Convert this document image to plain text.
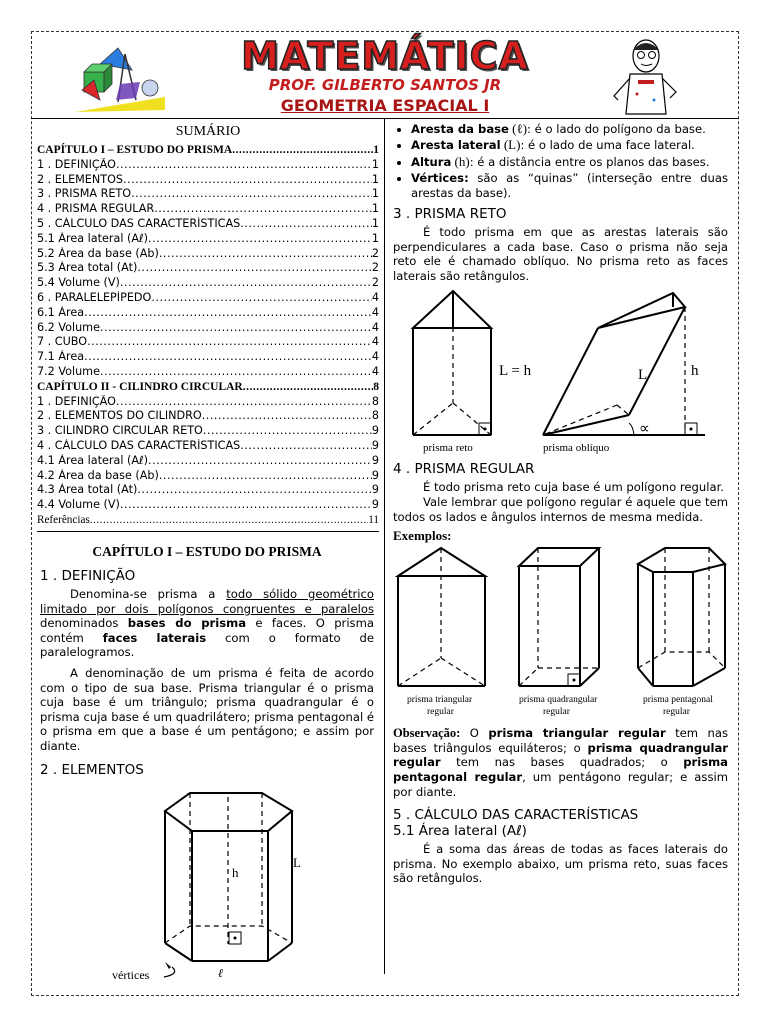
MATEMÁTICA
PROF. GILBERTO SANTOS JR
GEOMETRIA ESPACIAL I
SUMÁRIO
CAPÍTULO I – ESTUDO DO PRISMA .....	1
1 . DEFINIÇÃO .....	1
2 . ELEMENTOS .....	1
3 . PRISMA RETO .....	1
4 . PRISMA REGULAR .....	1
5 . CÁLCULO DAS CARACTERÍSTICAS .....	1
5.1 Área lateral (Aℓ) .....	1
5.2 Área da base (Ab) .....	2
5.3 Área total (At) .....	2
5.4 Volume (V) .....	2
6 . PARALELEPÍPEDO .....	4
6.1 Área .....	4
6.2 Volume .....	4
7 . CUBO .....	4
7.1 Área .....	4
7.2 Volume .....	4
CAPÍTULO II - CILINDRO CIRCULAR .....	8
1 . DEFINIÇÃO .....	8
2 . ELEMENTOS DO CILINDRO .....	8
3 . CILINDRO CIRCULAR RETO .....	9
4 . CÁLCULO DAS CARACTERÍSTICAS .....	9
4.1 Área lateral (Aℓ) .....	9
4.2 Área da base (Ab) .....	9
4.3 Área total (At) .....	9
4.4 Volume (V) .....	9
Referências .....	11
CAPÍTULO I – ESTUDO DO PRISMA
1 . DEFINIÇÃO

Denomina-se prisma a todo sólido geométrico limitado por dois polígonos congruentes e paralelos denominados bases do prisma e faces. O prisma contém faces laterais com o formato de paralelogramos.

A denominação de um prisma é feita de acordo com o tipo de sua base. Prisma triangular é o prisma cuja base é um triângulo; prisma quadrangular é o prisma cuja base é um quadrilátero; prisma pentagonal é o prisma em que a base é um pentágono; e assim por diante.

2 . ELEMENTOS
h
L
ℓ
vértices
• Aresta da base (ℓ): é o lado do polígono da base.
• Aresta lateral (L): é o lado de uma face lateral.
• Altura (h): é a distância entre os planos das bases.
• Vértices: são as “quinas” (interseção entre duas arestas da base).
3 . PRISMA RETO

É todo prisma em que as arestas laterais são perpendiculares a cada base. Caso o prisma não seja reto ele é chamado oblíquo. No prisma reto as faces laterais são retângulos.

L = h	L	h
∝
prisma reto	prisma oblíquo
4 . PRISMA REGULAR

É todo prisma reto cuja base é um polígono regular.

Vale lembrar que polígono regular é aquele que tem todos os lados e ângulos internos de mesma medida.

Exemplos:
prisma triangular
regular
prisma quadrangular
regular
prisma pentagonal
regular

Observação: O prisma triangular regular tem nas bases triângulos equiláteros; o prisma quadrangular regular tem nas bases quadrados; o prisma pentagonal regular, um pentágono regular; e assim por diante.

5 . CÁLCULO DAS CARACTERÍSTICAS
5.1 Área lateral (Aℓ)

É a soma das áreas de todas as faces laterais do prisma. No exemplo abaixo, um prisma reto, suas faces são retângulos.
